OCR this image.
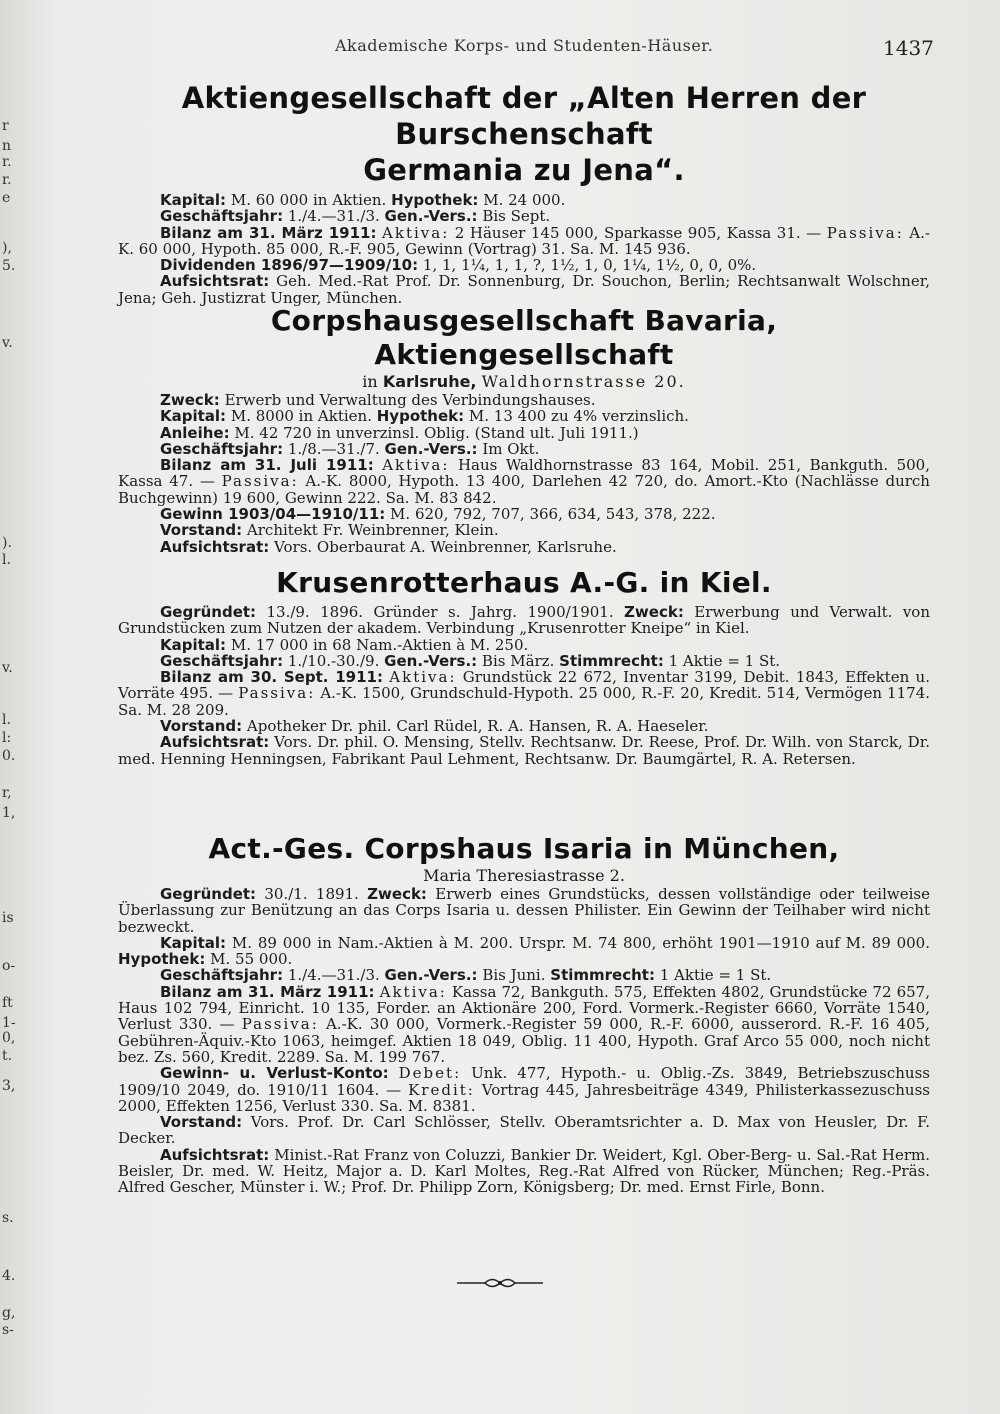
r
n
r.
r.
e
),
5.
v.
).
l.
v.
l.
l:
0.
r,
1,
is
o-
ft
1-
0,
t.
3,
s.
4.
g,
s-
Akademische Korps- und Studenten-Häuser.	1437
Aktiengesellschaft der „Alten Herren der Burschenschaft
Germania zu Jena“.

Kapital: M. 60 000 in Aktien. Hypothek: M. 24 000.

Geschäftsjahr: 1./4.—31./3. Gen.-Vers.: Bis Sept.

Bilanz am 31. März 1911: Aktiva: 2 Häuser 145 000, Sparkasse 905, Kassa 31. — Passiva: A.-K. 60 000, Hypoth. 85 000, R.-F. 905, Gewinn (Vortrag) 31. Sa. M. 145 936.

Dividenden 1896/97—1909/10: 1, 1, 1¼, 1, 1, ?, 1½, 1, 0, 1¼, 1½, 0, 0, 0%.

Aufsichtsrat: Geh. Med.-Rat Prof. Dr. Sonnenburg, Dr. Souchon, Berlin; Rechtsanwalt Wolschner, Jena; Geh. Justizrat Unger, München.

Corpshausgesellschaft Bavaria, Aktiengesellschaft
in Karlsruhe, Waldhornstrasse 20.

Zweck: Erwerb und Verwaltung des Verbindungshauses.

Kapital: M. 8000 in Aktien. Hypothek: M. 13 400 zu 4% verzinslich.

Anleihe: M. 42 720 in unverzinsl. Oblig. (Stand ult. Juli 1911.)

Geschäftsjahr: 1./8.—31./7. Gen.-Vers.: Im Okt.

Bilanz am 31. Juli 1911: Aktiva: Haus Waldhornstrasse 83 164, Mobil. 251, Bankguth. 500, Kassa 47. — Passiva: A.-K. 8000, Hypoth. 13 400, Darlehen 42 720, do. Amort.-Kto (Nachlässe durch Buchgewinn) 19 600, Gewinn 222. Sa. M. 83 842.

Gewinn 1903/04—1910/11: M. 620, 792, 707, 366, 634, 543, 378, 222.

Vorstand: Architekt Fr. Weinbrenner, Klein.

Aufsichtsrat: Vors. Oberbaurat A. Weinbrenner, Karlsruhe.

Krusenrotterhaus A.-G. in Kiel.

Gegründet: 13./9. 1896. Gründer s. Jahrg. 1900/1901. Zweck: Erwerbung und Verwalt. von Grundstücken zum Nutzen der akadem. Verbindung „Krusenrotter Kneipe“ in Kiel.

Kapital: M. 17 000 in 68 Nam.-Aktien à M. 250.

Geschäftsjahr: 1./10.-30./9. Gen.-Vers.: Bis März. Stimmrecht: 1 Aktie = 1 St.

Bilanz am 30. Sept. 1911: Aktiva: Grundstück 22 672, Inventar 3199, Debit. 1843, Effekten u. Vorräte 495. — Passiva: A.-K. 1500, Grundschuld-Hypoth. 25 000, R.-F. 20, Kredit. 514, Vermögen 1174. Sa. M. 28 209.

Vorstand: Apotheker Dr. phil. Carl Rüdel, R. A. Hansen, R. A. Haeseler.

Aufsichtsrat: Vors. Dr. phil. O. Mensing, Stellv. Rechtsanw. Dr. Reese, Prof. Dr. Wilh. von Starck, Dr. med. Henning Henningsen, Fabrikant Paul Lehment, Rechtsanw. Dr. Baumgärtel, R. A. Retersen.

Act.-Ges. Corpshaus Isaria in München,
Maria Theresiastrasse 2.

Gegründet: 30./1. 1891. Zweck: Erwerb eines Grundstücks, dessen vollständige oder teilweise Überlassung zur Benützung an das Corps Isaria u. dessen Philister. Ein Gewinn der Teilhaber wird nicht bezweckt.

Kapital: M. 89 000 in Nam.-Aktien à M. 200. Urspr. M. 74 800, erhöht 1901—1910 auf M. 89 000. Hypothek: M. 55 000.

Geschäftsjahr: 1./4.—31./3. Gen.-Vers.: Bis Juni. Stimmrecht: 1 Aktie = 1 St.

Bilanz am 31. März 1911: Aktiva: Kassa 72, Bankguth. 575, Effekten 4802, Grundstücke 72 657, Haus 102 794, Einricht. 10 135, Forder. an Aktionäre 200, Ford. Vormerk.-Register 6660, Vorräte 1540, Verlust 330. — Passiva: A.-K. 30 000, Vormerk.-Register 59 000, R.-F. 6000, ausserord. R.-F. 16 405, Gebühren-Äquiv.-Kto 1063, heimgef. Aktien 18 049, Oblig. 11 400, Hypoth. Graf Arco 55 000, noch nicht bez. Zs. 560, Kredit. 2289. Sa. M. 199 767.

Gewinn- u. Verlust-Konto: Debet: Unk. 477, Hypoth.- u. Oblig.-Zs. 3849, Betriebszuschuss 1909/10 2049, do. 1910/11 1604. — Kredit: Vortrag 445, Jahresbeiträge 4349, Philisterkassezuschuss 2000, Effekten 1256, Verlust 330. Sa. M. 8381.

Vorstand: Vors. Prof. Dr. Carl Schlösser, Stellv. Oberamtsrichter a. D. Max von Heusler, Dr. F. Decker.

Aufsichtsrat: Minist.-Rat Franz von Coluzzi, Bankier Dr. Weidert, Kgl. Ober-Berg- u. Sal.-Rat Herm. Beisler, Dr. med. W. Heitz, Major a. D. Karl Moltes, Reg.-Rat Alfred von Rücker, München; Reg.-Präs. Alfred Gescher, Münster i. W.; Prof. Dr. Philipp Zorn, Königsberg; Dr. med. Ernst Firle, Bonn.
